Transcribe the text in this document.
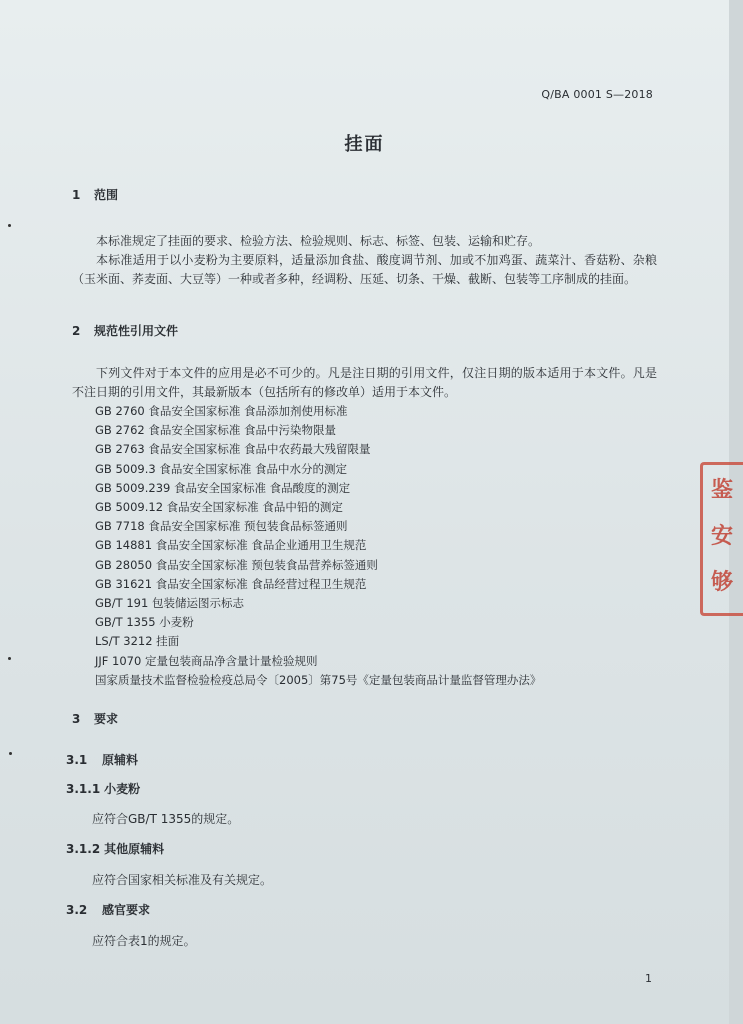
Q/BA 0001 S—2018
挂面
1 范围
本标准规定了挂面的要求、检验方法、检验规则、标志、标签、包装、运输和贮存。
本标准适用于以小麦粉为主要原料，适量添加食盐、酸度调节剂、加或不加鸡蛋、蔬菜汁、香菇粉、杂粮（玉米面、荞麦面、大豆等）一种或者多种，经调粉、压延、切条、干燥、截断、包装等工序制成的挂面。
2 规范性引用文件
下列文件对于本文件的应用是必不可少的。凡是注日期的引用文件，仅注日期的版本适用于本文件。凡是不注日期的引用文件，其最新版本（包括所有的修改单）适用于本文件。
GB 2760 食品安全国家标准 食品添加剂使用标准
GB 2762 食品安全国家标准 食品中污染物限量
GB 2763 食品安全国家标准 食品中农药最大残留限量
GB 5009.3 食品安全国家标准 食品中水分的测定
GB 5009.239 食品安全国家标准 食品酸度的测定
GB 5009.12 食品安全国家标准 食品中铅的测定
GB 7718 食品安全国家标准 预包装食品标签通则
GB 14881 食品安全国家标准 食品企业通用卫生规范
GB 28050 食品安全国家标准 预包装食品营养标签通则
GB 31621 食品安全国家标准 食品经营过程卫生规范
GB/T 191 包装储运图示标志
GB/T 1355 小麦粉
LS/T 3212 挂面
JJF 1070 定量包装商品净含量计量检验规则
国家质量技术监督检验检疫总局令〔2005〕第75号《定量包装商品计量监督管理办法》
3 要求
3.1 原辅料
3.1.1 小麦粉
应符合GB/T 1355的规定。
3.1.2 其他原辅料
应符合国家相关标准及有关规定。
3.2 感官要求
应符合表1的规定。
1
鉴
安
够
